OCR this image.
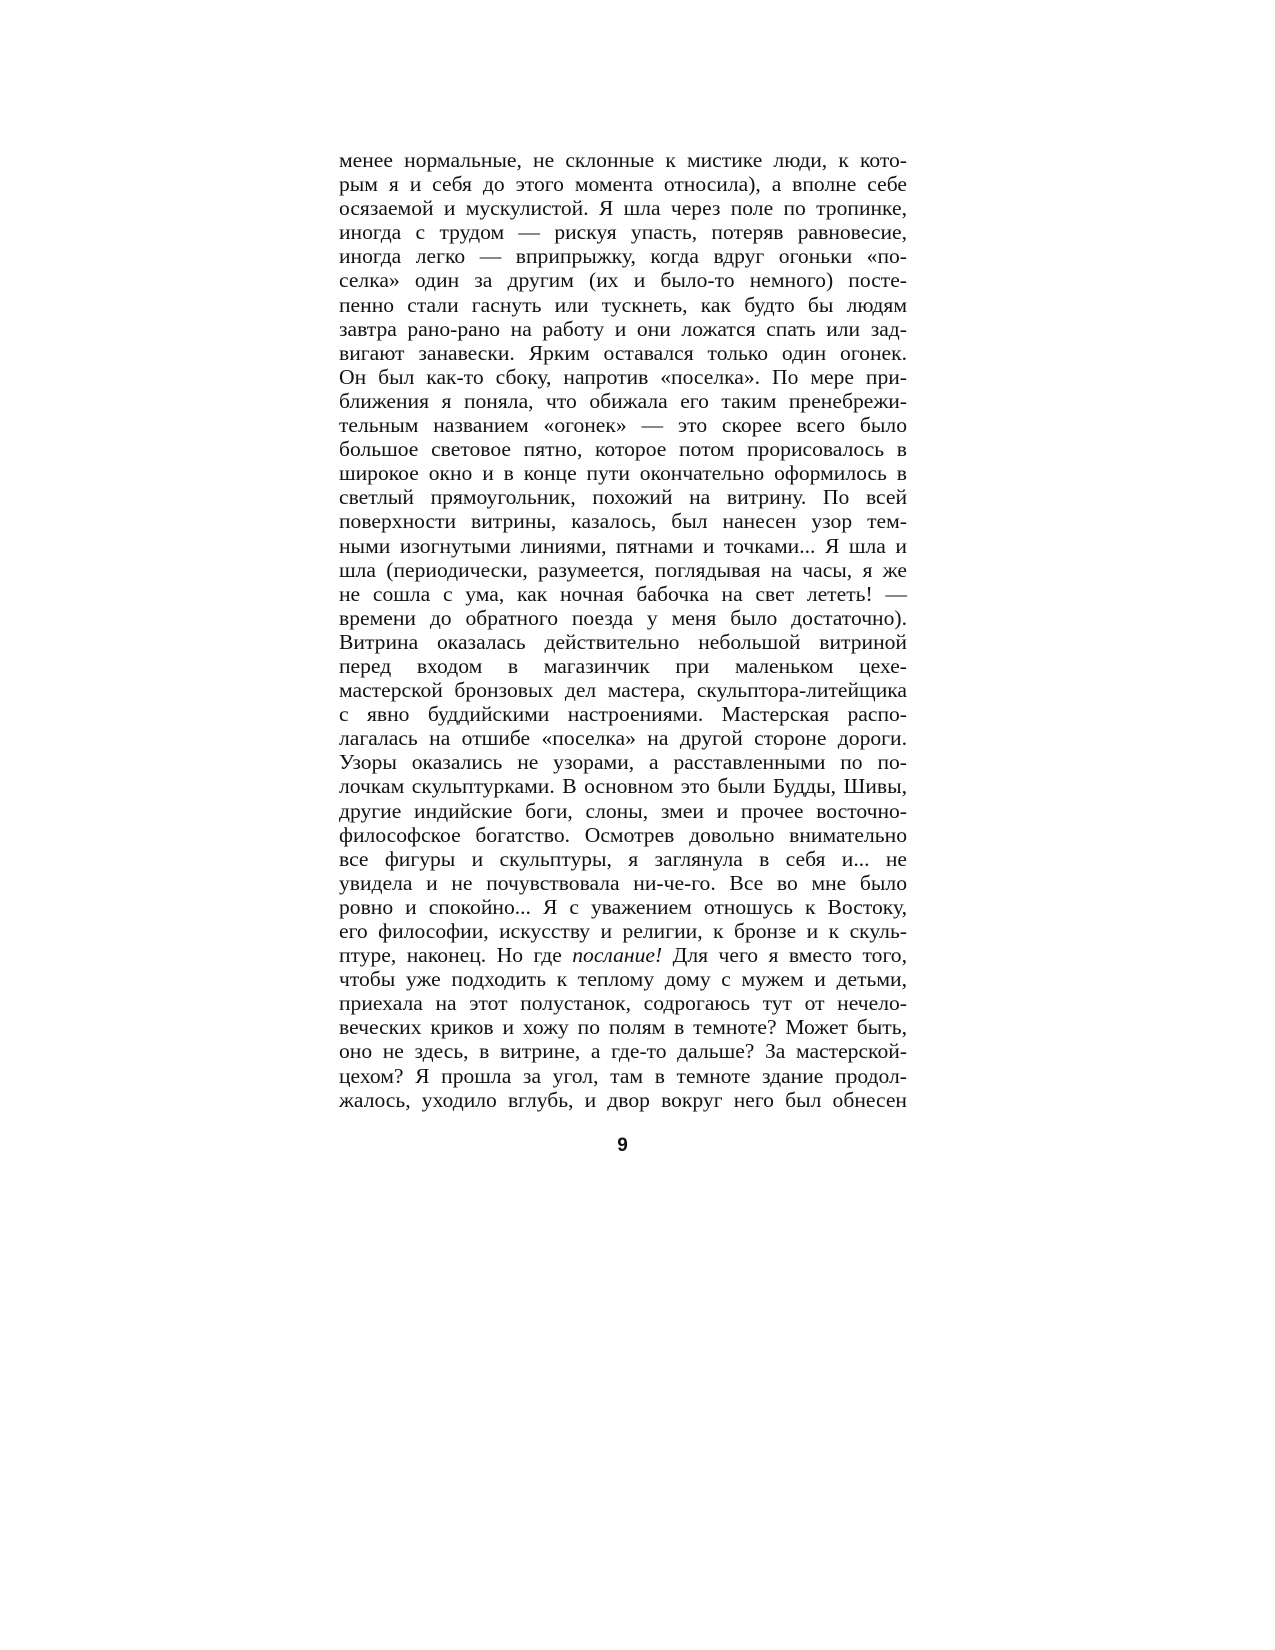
менее нормальные, не склонные к мистике люди, к кото-
рым я и себя до этого момента относила), а вполне себе
осязаемой и мускулистой. Я шла через поле по тропинке,
иногда с трудом — рискуя упасть, потеряв равновесие,
иногда легко — вприпрыжку, когда вдруг огоньки «по-
селка» один за другим (их и было-то немного) посте-
пенно стали гаснуть или тускнеть, как будто бы людям
завтра рано-рано на работу и они ложатся спать или зад-
вигают занавески. Ярким оставался только один огонек.
Он был как-то сбоку, напротив «поселка». По мере при-
ближения я поняла, что обижала его таким пренебрежи-
тельным названием «огонек» — это скорее всего было
большое световое пятно, которое потом прорисовалось в
широкое окно и в конце пути окончательно оформилось в
светлый прямоугольник, похожий на витрину. По всей
поверхности витрины, казалось, был нанесен узор тем-
ными изогнутыми линиями, пятнами и точками... Я шла и
шла (периодически, разумеется, поглядывая на часы, я же
не сошла с ума, как ночная бабочка на свет лететь! —
времени до обратного поезда у меня было достаточно).
Витрина оказалась действительно небольшой витриной
перед входом в магазинчик при маленьком цехе-
мастерской бронзовых дел мастера, скульптора-литейщика
с явно буддийскими настроениями. Мастерская распо-
лагалась на отшибе «поселка» на другой стороне дороги.
Узоры оказались не узорами, а расставленными по по-
лочкам скульптурками. В основном это были Будды, Шивы,
другие индийские боги, слоны, змеи и прочее восточно-
философское богатство. Осмотрев довольно внимательно
все фигуры и скульптуры, я заглянула в себя и... не
увидела и не почувствовала ни-че-го. Все во мне было
ровно и спокойно... Я с уважением отношусь к Востоку,
его философии, искусству и религии, к бронзе и к скуль-
птуре, наконец. Но где послание! Для чего я вместо того,
чтобы уже подходить к теплому дому с мужем и детьми,
приехала на этот полустанок, содрогаюсь тут от нечело-
веческих криков и хожу по полям в темноте? Может быть,
оно не здесь, в витрине, а где-то дальше? За мастерской-
цехом? Я прошла за угол, там в темноте здание продол-
жалось, уходило вглубь, и двор вокруг него был обнесен
9
